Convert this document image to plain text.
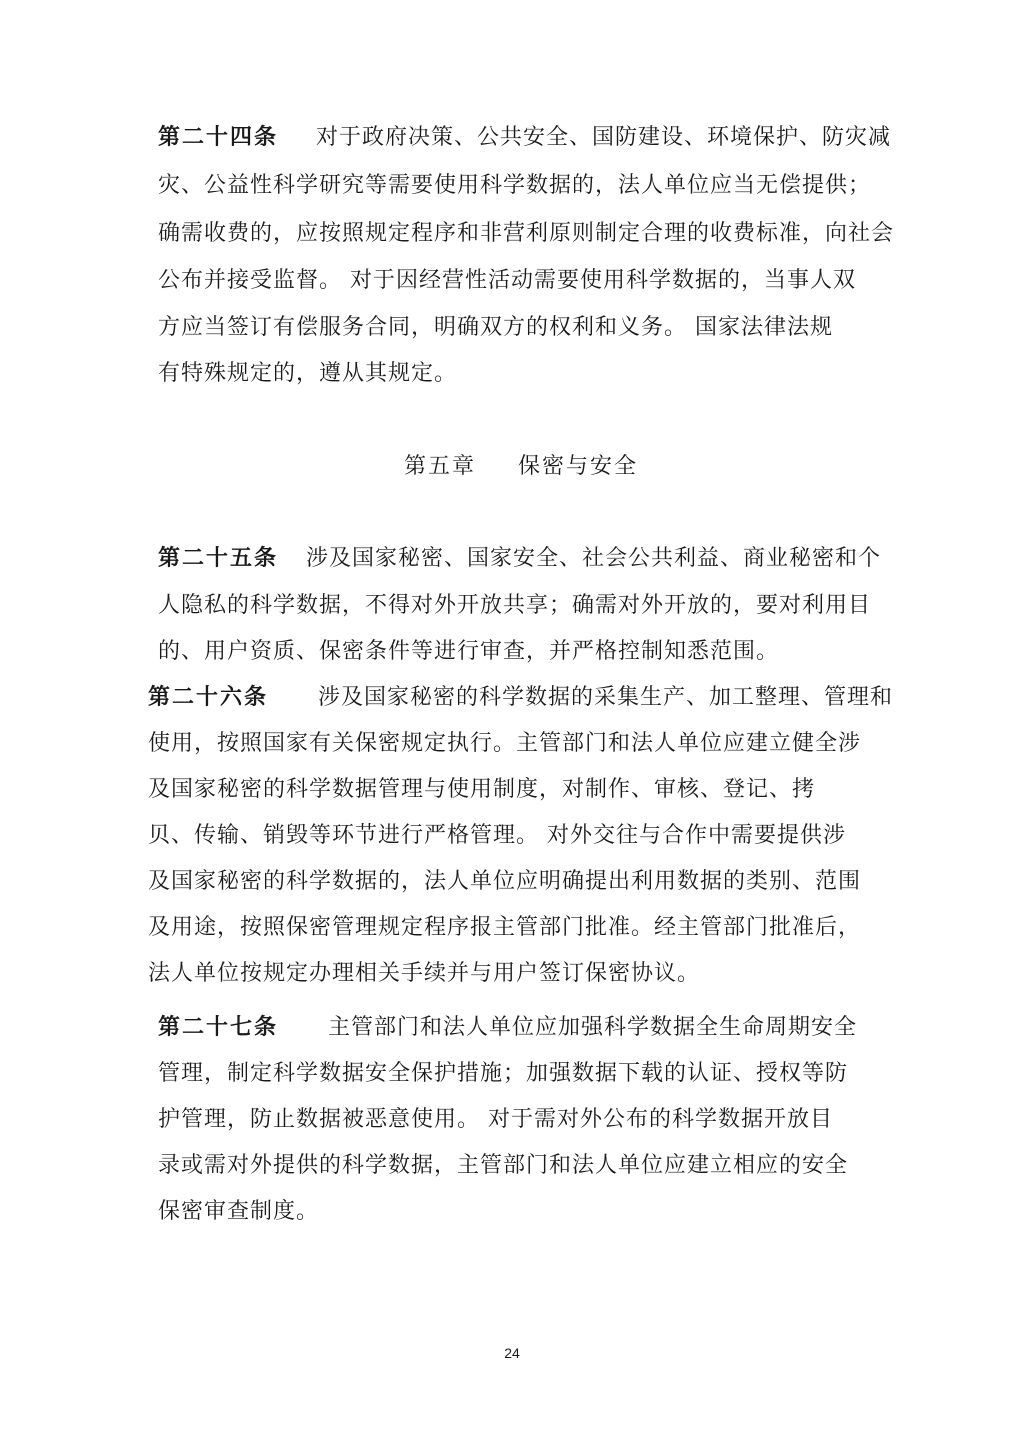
第二十四条 对于政府决策、公共安全、国防建设、环境保护、防灾减
灾、公益性科学研究等需要使用科学数据的，法人单位应当无偿提供；
确需收费的，应按照规定程序和非营利原则制定合理的收费标准，向社会
公布并接受监督。 对于因经营性活动需要使用科学数据的，当事人双
方应当签订有偿服务合同，明确双方的权利和义务。 国家法律法规
有特殊规定的，遵从其规定。
第五章 保密与安全
第二十五条 涉及国家秘密、国家安全、社会公共利益、商业秘密和个
人隐私的科学数据，不得对外开放共享；确需对外开放的，要对利用目
的、用户资质、保密条件等进行审查，并严格控制知悉范围。
第二十六条 涉及国家秘密的科学数据的采集生产、加工整理、管理和
使用，按照国家有关保密规定执行。主管部门和法人单位应建立健全涉
及国家秘密的科学数据管理与使用制度，对制作、审核、登记、拷
贝、传输、销毁等环节进行严格管理。 对外交往与合作中需要提供涉
及国家秘密的科学数据的，法人单位应明确提出利用数据的类别、范围
及用途，按照保密管理规定程序报主管部门批准。经主管部门批准后，
法人单位按规定办理相关手续并与用户签订保密协议。
第二十七条 主管部门和法人单位应加强科学数据全生命周期安全
管理，制定科学数据安全保护措施；加强数据下载的认证、授权等防
护管理，防止数据被恶意使用。 对于需对外公布的科学数据开放目
录或需对外提供的科学数据，主管部门和法人单位应建立相应的安全
保密审查制度。
24
